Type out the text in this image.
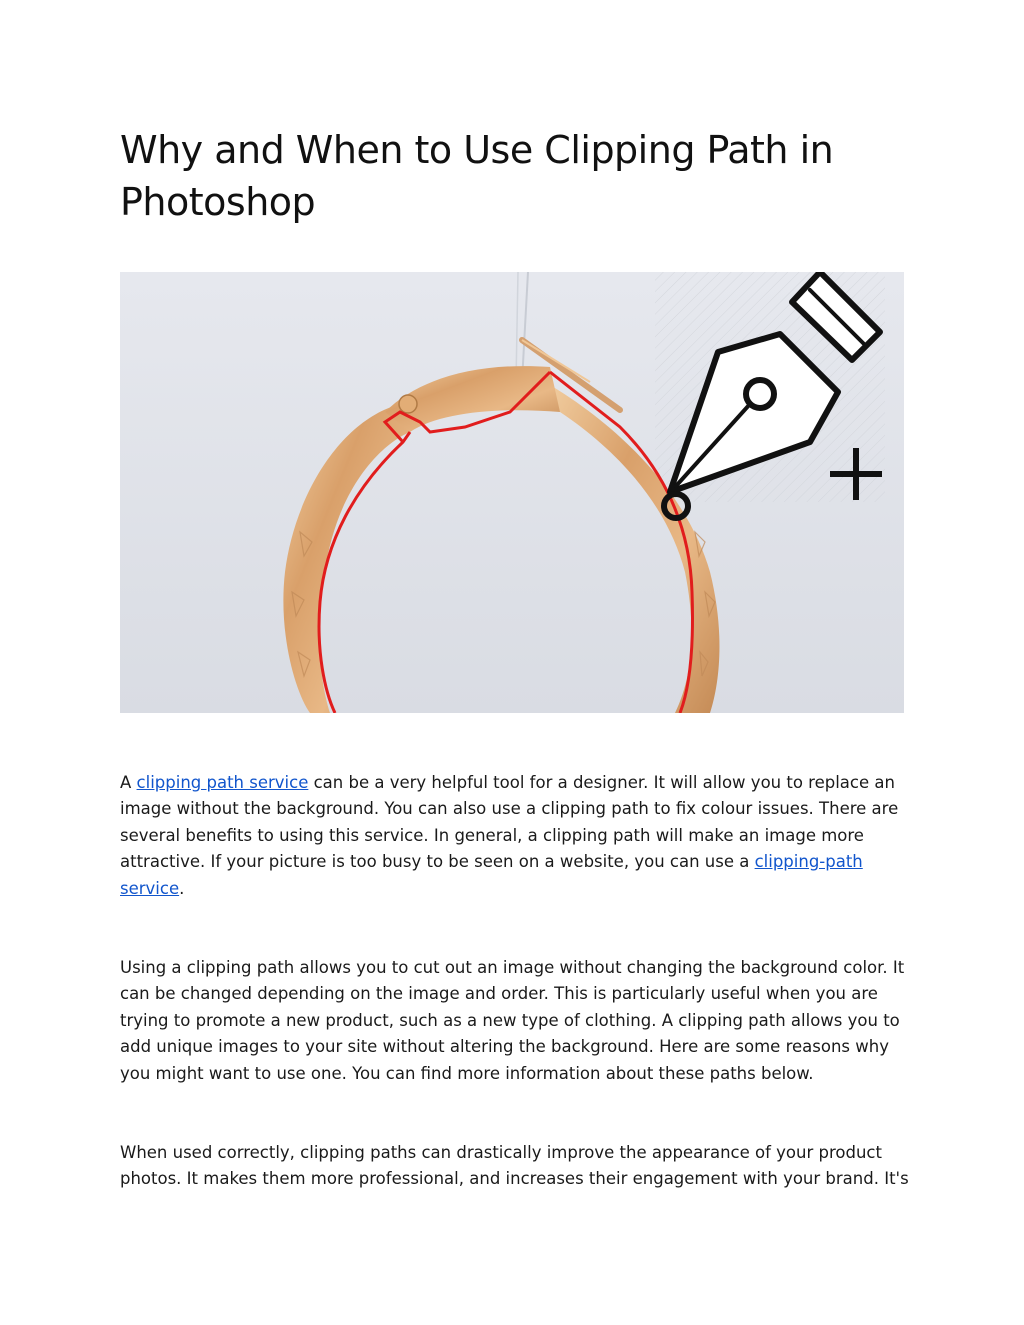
Why and When to Use Clipping Path in Photoshop

A clipping path service can be a very helpful tool for a designer. It will allow you to replace an image without the background. You can also use a clipping path to fix colour issues. There are several benefits to using this service. In general, a clipping path will make an image more attractive. If your picture is too busy to be seen on a website, you can use a clipping-path service.

Using a clipping path allows you to cut out an image without changing the background color. It can be changed depending on the image and order. This is particularly useful when you are trying to promote a new product, such as a new type of clothing. A clipping path allows you to add unique images to your site without altering the background. Here are some reasons why you might want to use one. You can find more information about these paths below.

When used correctly, clipping paths can drastically improve the appearance of your product photos. It makes them more professional, and increases their engagement with your brand. It's
